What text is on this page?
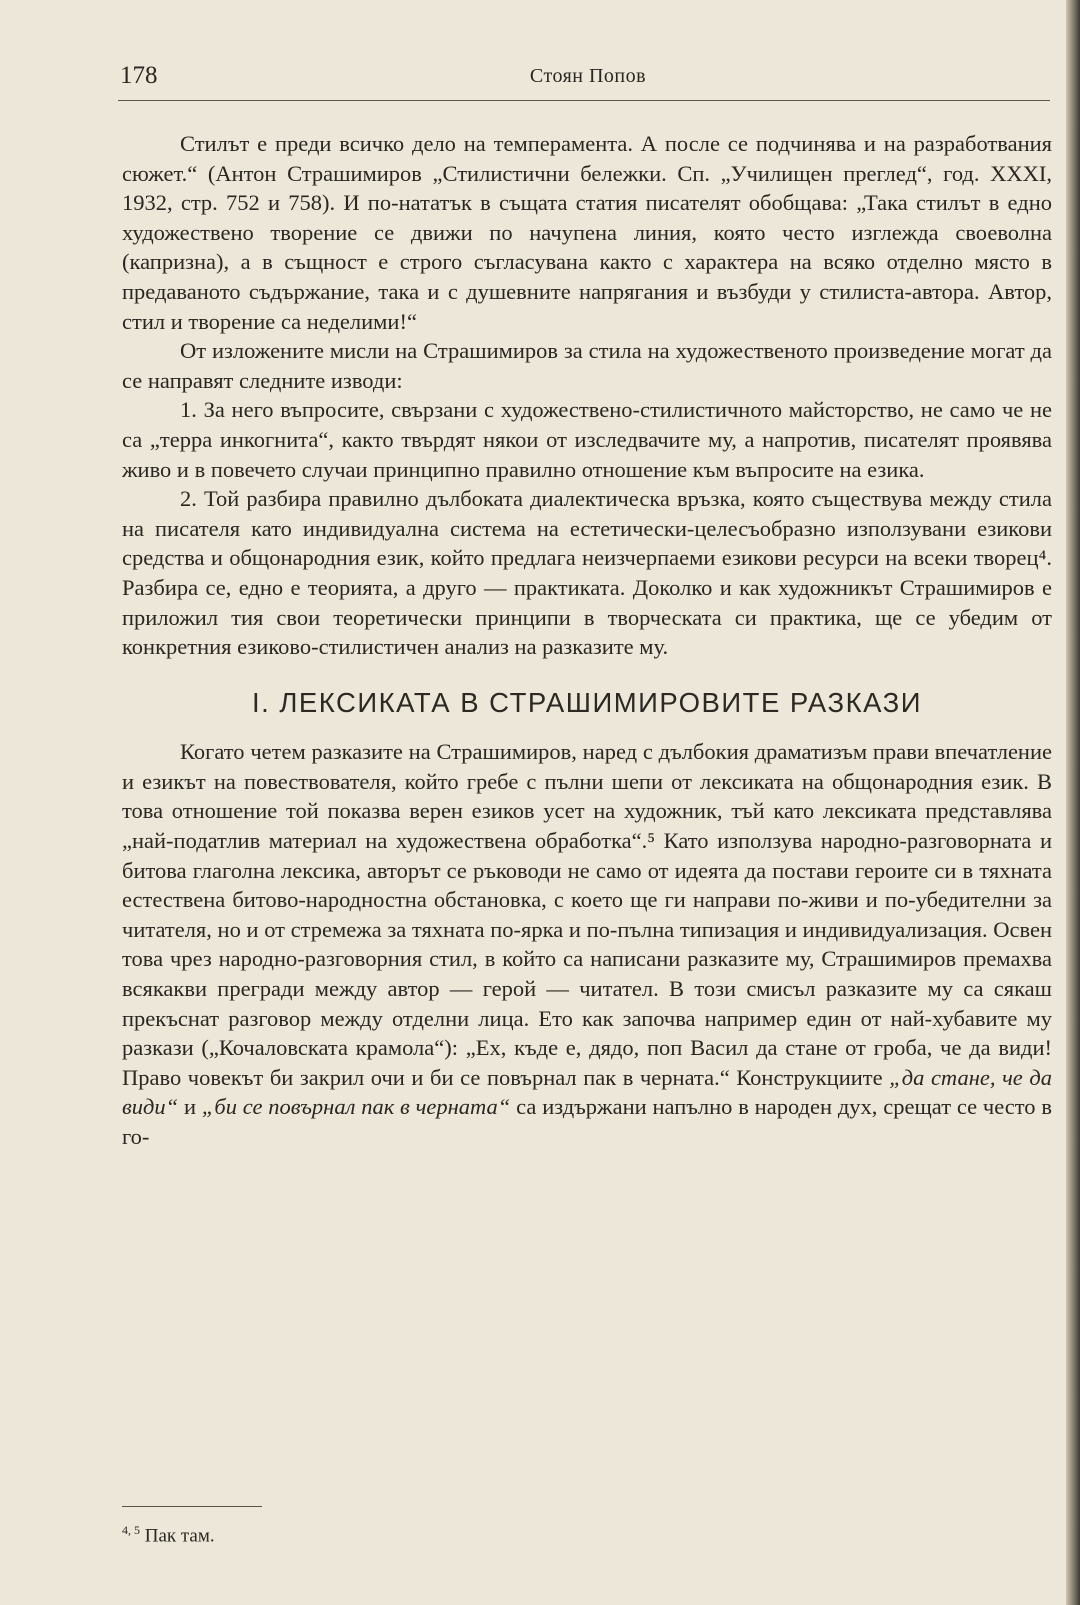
178	Стоян Попов

Стилът е преди всичко дело на темперамента. А после се подчинява и на разработвания сюжет.“ (Антон Страшимиров „Стилистични бележки. Сп. „Училищен преглед“, год. XXXI, 1932, стр. 752 и 758). И по-нататък в същата статия писателят обобщава: „Така стилът в едно художествено творение се движи по начупена линия, която често изглежда своеволна (капризна), а в същност е строго съгласувана както с характера на всяко отделно място в предаваното съдържание, така и с душевните напрягания и възбуди у стилиста-автора. Автор, стил и творение са неделими!“

От изложените мисли на Страшимиров за стила на художественото произведение могат да се направят следните изводи:

1. За него въпросите, свързани с художествено-стилистичното майсторство, не само че не са „терра инкогнита“, както твърдят някои от изследвачите му, а напротив, писателят проявява живо и в повечето случаи принципно правилно отношение към въпросите на езика.

2. Той разбира правилно дълбоката диалектическа връзка, която съществува между стила на писателя като индивидуална система на естетически-целесъобразно използувани езикови средства и общонародния език, който предлага неизчерпаеми езикови ресурси на всеки творец⁴. Разбира се, едно е теорията, а друго — практиката. Доколко и как художникът Страшимиров е приложил тия свои теоретически принципи в творческата си практика, ще се убедим от конкретния езиково-стилистичен анализ на разказите му.

I. ЛЕКСИКАТА В СТРАШИМИРОВИТЕ РАЗКАЗИ

Когато четем разказите на Страшимиров, наред с дълбокия драматизъм прави впечатление и езикът на повествователя, който гребе с пълни шепи от лексиката на общонародния език. В това отношение той показва верен езиков усет на художник, тъй като лексиката представлява „най-податлив материал на художествена обработка“.⁵ Като използува народно-разговорната и битова глаголна лексика, авторът се ръководи не само от идеята да постави героите си в тяхната естествена битово-народностна обстановка, с което ще ги направи по-живи и по-убедителни за читателя, но и от стремежа за тяхната по-ярка и по-пълна типизация и индивидуализация. Освен това чрез народно-разговорния стил, в който са написани разказите му, Страшимиров премахва всякакви прегради между автор — герой — читател. В този смисъл разказите му са сякаш прекъснат разговор между отделни лица. Ето как започва например един от най-хубавите му разкази („Кочаловската крамола“): „Ех, къде е, дядо, поп Васил да стане от гроба, че да види! Право човекът би закрил очи и би се повърнал пак в черната.“ Конструкциите „да стане, че да види“ и „би се повърнал пак в черната“ са издържани напълно в народен дух, срещат се често в го-

$^{4, 5}$ Пак там.
